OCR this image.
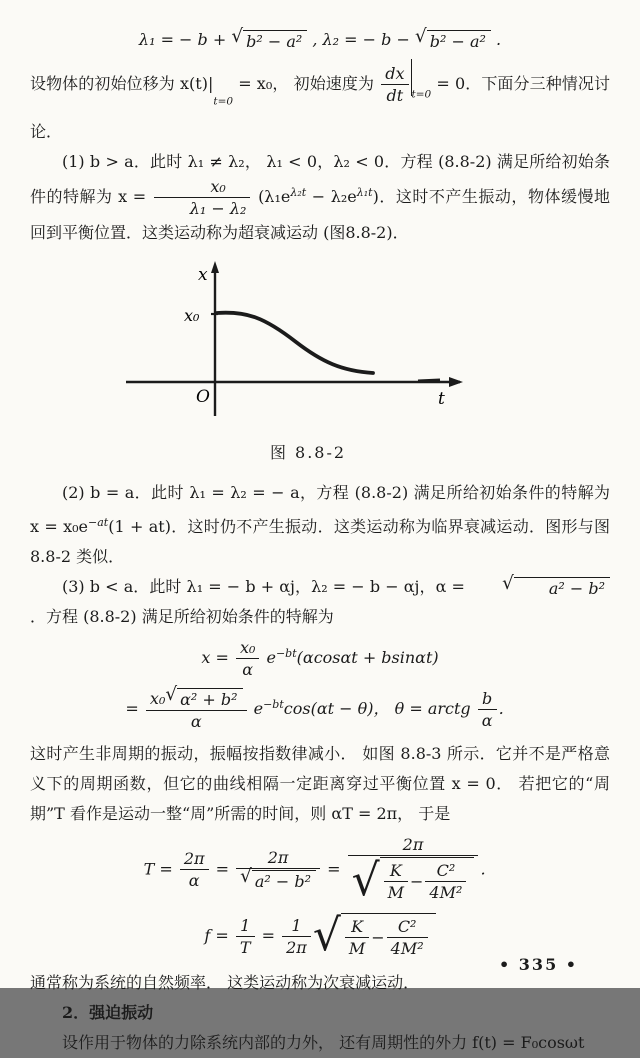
λ₁ = − b + √ b² − a² , λ₂ = − b − √ b² − a² .

设物体的初始位移为 $x(t)|_{t=0} = x_0$， 初始速度为 $\frac{dx}{dt} _{t=0} = 0$．下面分三种情况讨论．

(1) b > a．此时 λ₁ ≠ λ₂， λ₁ < 0，λ₂ < 0．方程 (8.8-2) 满足所给初始条件的特解为 $x = \frac{\text{x₀}}{\text{λ₁ − λ₂}} (\lambda_1e^{\lambda_2t} - \lambda_2e^{\lambda_1t})$．这时不产生振动，物体缓慢地回到平衡位置．这类运动称为超衰减运动 (图8.8-2)．

x
x₀
O	t
图 8.8-2

(2) b = a．此时 λ₁ = λ₂ = − a，方程 (8.8-2) 满足所给初始条件的特解为 $x = x_0e^{-at}(1 + at)$．这时仍不产生振动．这类运动称为临界衰减运动．图形与图 8.8-2 类似．

(3) b < a．此时 λ₁ = − b + αj，λ₂ = − b − αj，α =	√	a² − b²
．方程 (8.8-2) 满足所给初始条件的特解为

$x = \frac{\text{x₀}}{\alpha} e^{-bt}(\alpha\cos\alpha t + bsin\alpha t)$
= $\frac{\text{x₀ √ α² + b²}}{\alpha} e^{-bt}\cos(\alpha t - \theta)$， θ = arctg $\frac{b}{\alpha}$ ．

这时产生非周期的振动，振幅按指数律减小． 如图 8.8-3 所示．它并不是严格意义下的周期函数，但它的曲线相隔一定距离穿过平衡位置 x = 0． 若把它的“周期”T 看作是运动一整“周”所需的时间，则 αT = 2π， 于是

$T = \frac{2\pi}{\alpha} = \frac{2\pi}{\text{√ a² − b²}} = \frac{2\pi}{√ \frac{K}{M} - \frac{\text{C²}}{\text{4M²}}}$ ．
$f = \frac{1}{T} = \frac{1}{2\pi}$ √ $\frac{K}{M} - \frac{\text{C²}}{\text{4M²}}$

通常称为系统的自然频率． 这类运动称为次衰减运动．

2．强迫振动

设作用于物体的力除系统内部的力外， 还有周期性的外力 f(t) = F₀cosωt

• 335 •
